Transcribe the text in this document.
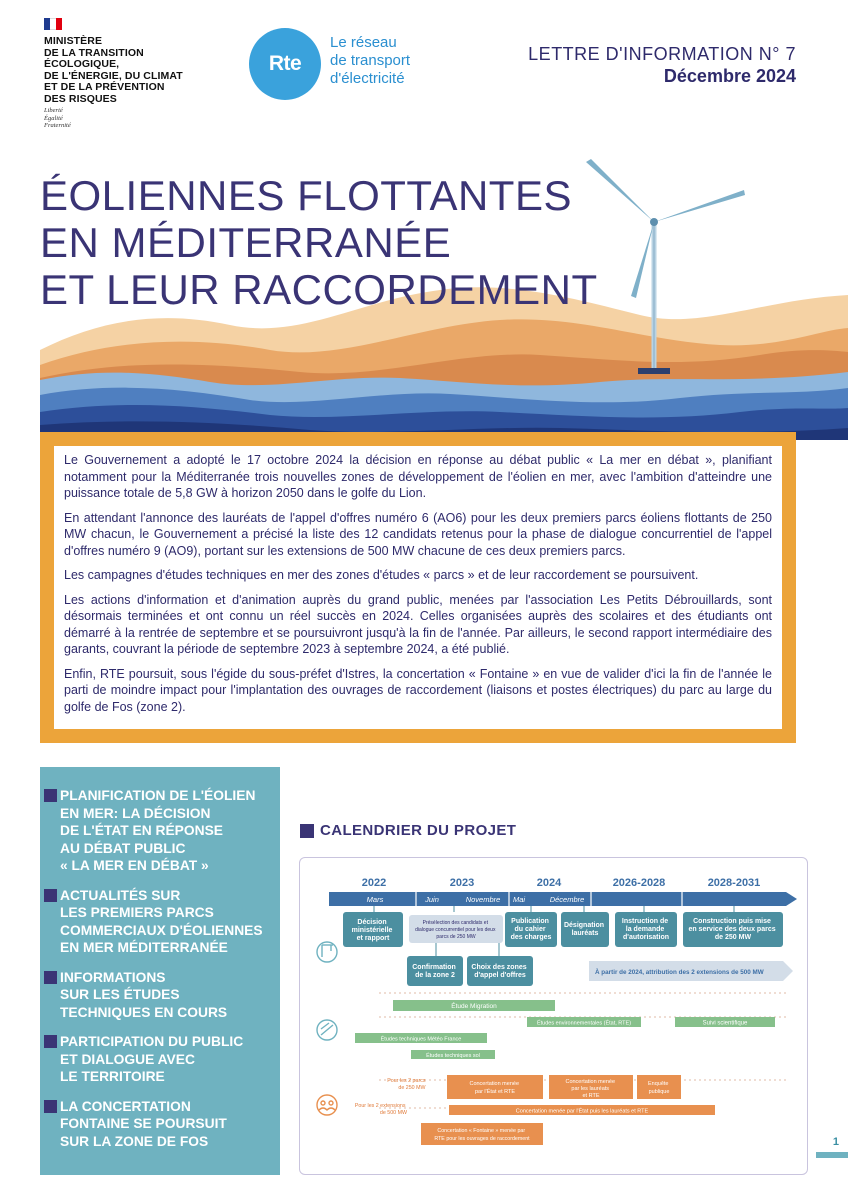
MINISTÈRE
DE LA TRANSITION
ÉCOLOGIQUE,
DE L'ÉNERGIE, DU CLIMAT
ET DE LA PRÉVENTION
DES RISQUES
Liberté
Égalité
Fraternité
Rte
Le réseau
de transport
d'électricité
LETTRE D'INFORMATION N° 7
Décembre 2024
ÉOLIENNES FLOTTANTES
EN MÉDITERRANÉE
ET LEUR RACCORDEMENT

Le Gouvernement a adopté le 17 octobre 2024 la décision en réponse au débat public « La mer en débat », planifiant notamment pour la Méditerranée trois nouvelles zones de développement de l'éolien en mer, avec l'ambition d'atteindre une puissance totale de 5,8 GW à horizon 2050 dans le golfe du Lion.

En attendant l'annonce des lauréats de l'appel d'offres numéro 6 (AO6) pour les deux premiers parcs éoliens flottants de 250 MW chacun, le Gouvernement a précisé la liste des 12 candidats retenus pour la phase de dialogue concurrentiel de l'appel d'offres numéro 9 (AO9), portant sur les extensions de 500 MW chacune de ces deux premiers parcs.

Les campagnes d'études techniques en mer des zones d'études « parcs » et de leur raccordement se poursuivent.

Les actions d'information et d'animation auprès du grand public, menées par l'association Les Petits Débrouillards, sont désormais terminées et ont connu un réel succès en 2024. Celles organisées auprès des scolaires et des étudiants ont démarré à la rentrée de septembre et se poursuivront jusqu'à la fin de l'année. Par ailleurs, le second rapport intermédiaire des garants, couvrant la période de septembre 2023 à septembre 2024, a été publié.

Enfin, RTE poursuit, sous l'égide du sous-préfet d'Istres, la concertation « Fontaine » en vue de valider d'ici la fin de l'année le parti de moindre impact pour l'implantation des ouvrages de raccordement (liaisons et postes électriques) du parc au large du golfe de Fos (zone 2).

PLANIFICATION DE L'ÉOLIEN
EN MER: LA DÉCISION
DE L'ÉTAT EN RÉPONSE
AU DÉBAT PUBLIC
« LA MER EN DÉBAT »
ACTUALITÉS SUR
LES PREMIERS PARCS
COMMERCIAUX D'ÉOLIENNES
EN MER MÉDITERRANÉE
INFORMATIONS
SUR LES ÉTUDES
TECHNIQUES EN COURS
PARTICIPATION DU PUBLIC
ET DIALOGUE AVEC
LE TERRITOIRE
LA CONCERTATION
FONTAINE SE POURSUIT
SUR LA ZONE DE FOS
CALENDRIER DU PROJET
2022	2023	2024	2026-2028	2028-2031
Mars	Juin	Novembre Mai	Décembre
Décision ministérielle et rapport
Présélection des candidats et dialogue concurrentiel pour les deux parcs de 250 MW
Publication du cahier des charges
Désignation lauréats
Instruction de la demande d'autorisation
Construction puis mise en service des deux parcs de 250 MW
Confirmation de la zone 2
Choix des zones d'appel d'offres	À partir de 2024, attribution des 2 extensions de 500 MW
Étude Migration
Études environnementales (État, RTE)	Suivi scientifique
Études techniques Météo France
Études techniques sol
Pour les 2 parcs de 250 MW Pour les 2 extensions de 500 MW
Concertation menée par l'État et RTE
Concertation menée par les lauréats et RTE
Enquête publique
Concertation menée par l'État puis les lauréats et RTE
Concertation « Fontaine » menée par RTE pour les ouvrages de raccordement	1
